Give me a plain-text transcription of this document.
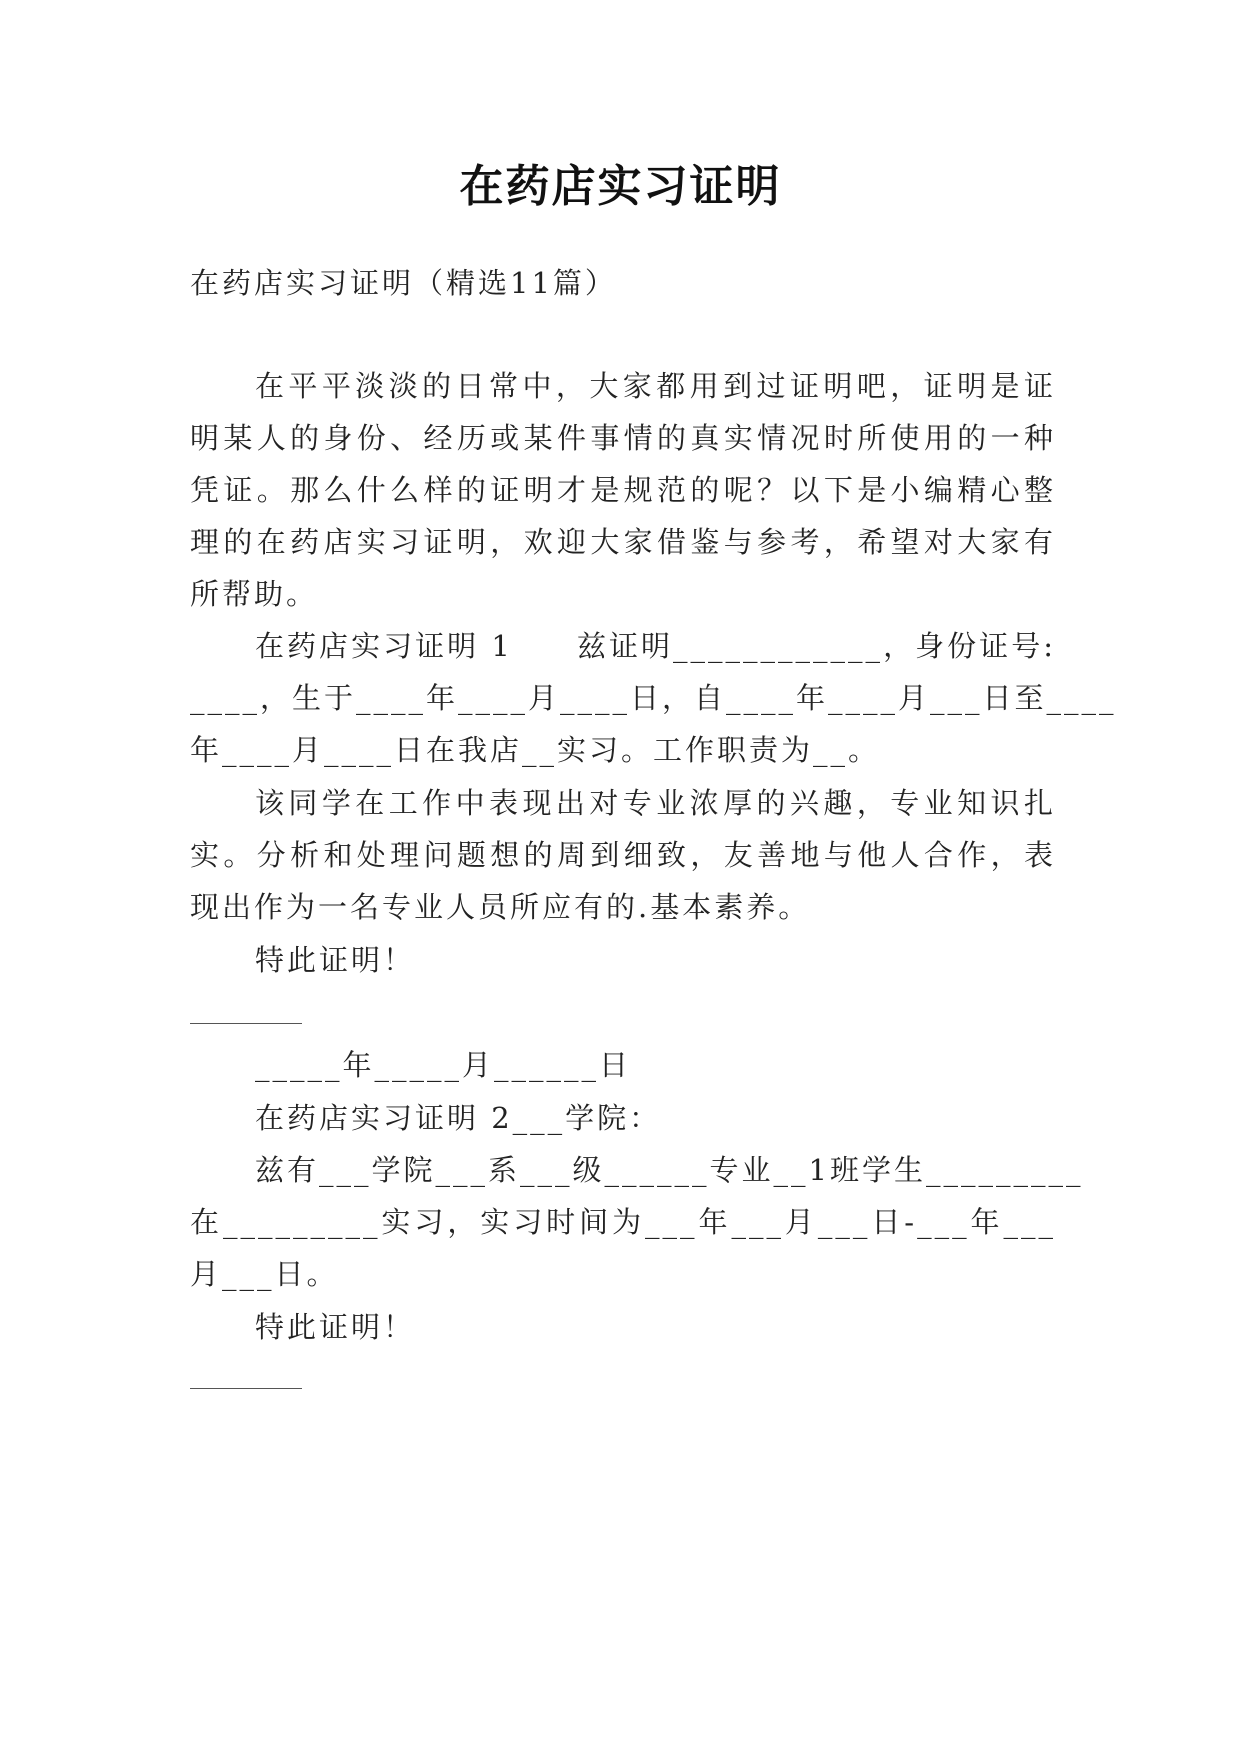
在药店实习证明
在药店实习证明（精选11篇）
在平平淡淡的日常中，大家都用到过证明吧，证明是证
明某人的身份、经历或某件事情的真实情况时所使用的一种
凭证。那么什么样的证明才是规范的呢？以下是小编精心整
理的在药店实习证明，欢迎大家借鉴与参考，希望对大家有
所帮助。
在药店实习证明 1　　兹证明____________，身份证号:
____，生于____年____月____日，自____年____月___日至____
年____月____日在我店__实习。工作职责为__。
该同学在工作中表现出对专业浓厚的兴趣，专业知识扎
实。分析和处理问题想的周到细致，友善地与他人合作，表
现出作为一名专业人员所应有的.基本素养。
特此证明！
_____年_____月______日
在药店实习证明 2___学院：
兹有___学院___系___级______专业__1班学生_________
在_________实习，实习时间为___年___月___日-___年___
月___日。
特此证明！
